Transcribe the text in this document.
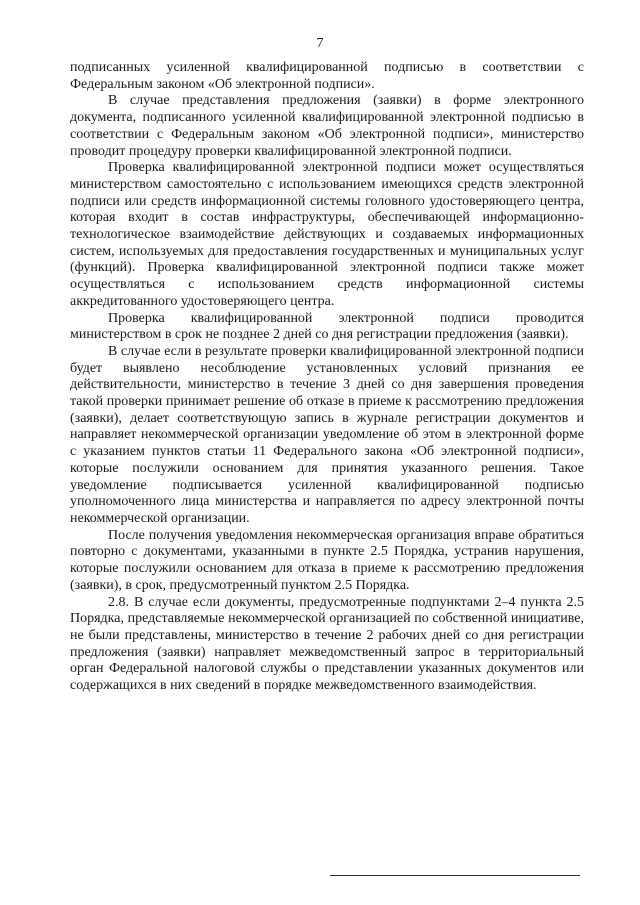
7

подписанных усиленной квалифицированной подписью в соответствии с Федеральным законом «Об электронной подписи».

В случае представления предложения (заявки) в форме электронного документа, подписанного усиленной квалифицированной электронной подписью в соответствии с Федеральным законом «Об электронной подписи», министерство проводит процедуру проверки квалифицированной электронной подписи.

Проверка квалифицированной электронной подписи может осуществляться министерством самостоятельно с использованием имеющихся средств электронной подписи или средств информационной системы головного удостоверяющего центра, которая входит в состав инфраструктуры, обеспечивающей информационно-технологическое взаимодействие действующих и создаваемых информационных систем, используемых для предоставления государственных и муниципальных услуг (функций). Проверка квалифицированной электронной подписи также может осуществляться с использованием средств информационной системы аккредитованного удостоверяющего центра.

Проверка квалифицированной электронной подписи проводится министерством в срок не позднее 2 дней со дня регистрации предложения (заявки).

В случае если в результате проверки квалифицированной электронной подписи будет выявлено несоблюдение установленных условий признания ее действительности, министерство в течение 3 дней со дня завершения проведения такой проверки принимает решение об отказе в приеме к рассмотрению предложения (заявки), делает соответствующую запись в журнале регистрации документов и направляет некоммерческой организации уведомление об этом в электронной форме с указанием пунктов статьи 11 Федерального закона «Об электронной подписи», которые послужили основанием для принятия указанного решения. Такое уведомление подписывается усиленной квалифицированной подписью уполномоченного лица министерства и направляется по адресу электронной почты некоммерческой организации.

После получения уведомления некоммерческая организация вправе обратиться повторно с документами, указанными в пункте 2.5 Порядка, устранив нарушения, которые послужили основанием для отказа в приеме к рассмотрению предложения (заявки), в срок, предусмотренный пунктом 2.5 Порядка.

2.8. В случае если документы, предусмотренные подпунктами 2–4 пункта 2.5 Порядка, представляемые некоммерческой организацией по собственной инициативе, не были представлены, министерство в течение 2 рабочих дней со дня регистрации предложения (заявки) направляет межведомственный запрос в территориальный орган Федеральной налоговой службы о представлении указанных документов или содержащихся в них сведений в порядке межведомственного взаимодействия.
